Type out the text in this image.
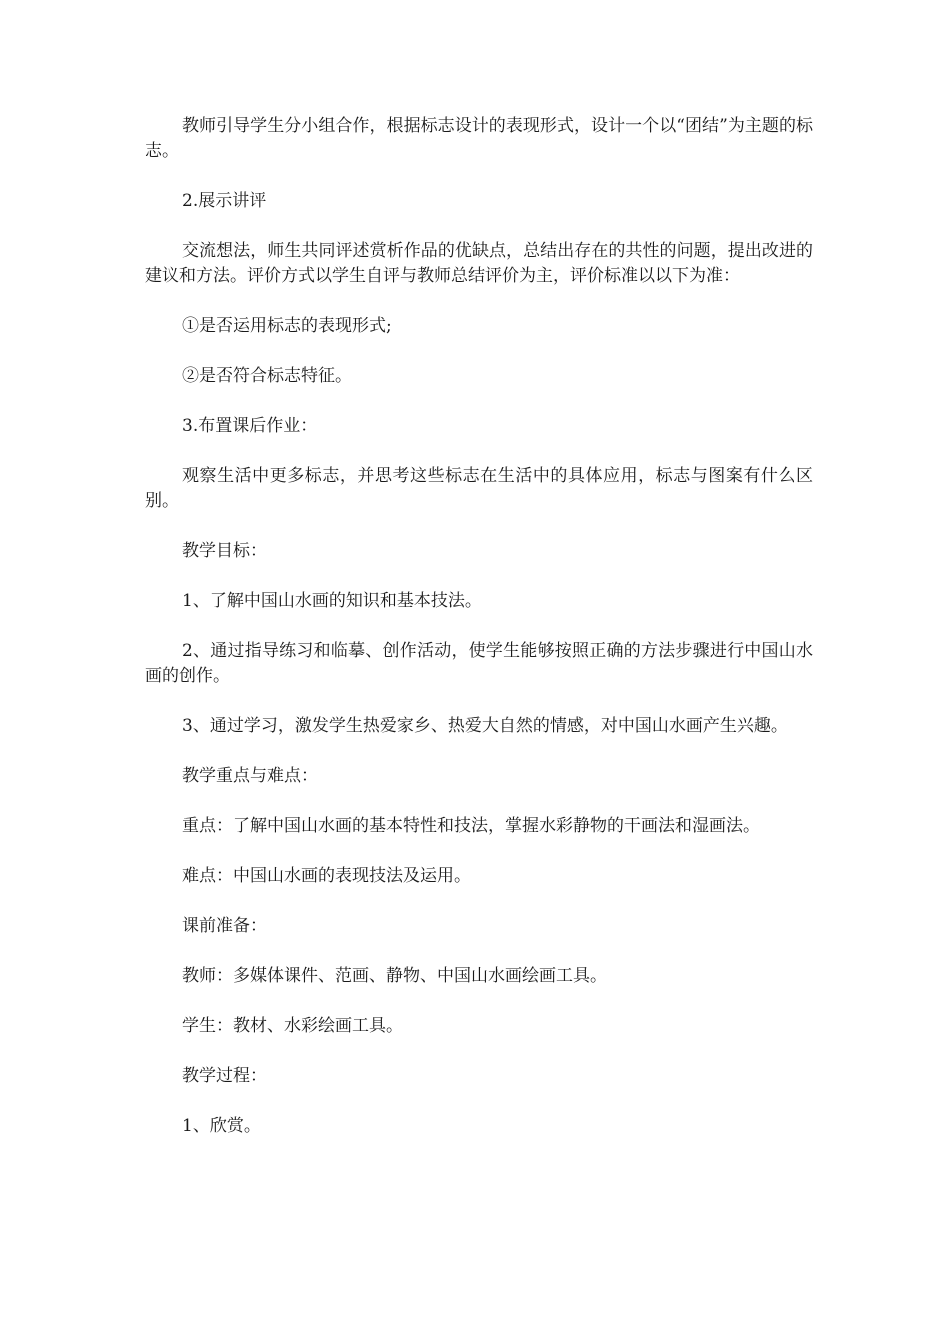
教师引导学生分小组合作，根据标志设计的表现形式，设计一个以“团结”为主题的标志。

2.展示讲评

交流想法，师生共同评述赏析作品的优缺点，总结出存在的共性的问题，提出改进的建议和方法。评价方式以学生自评与教师总结评价为主，评价标准以以下为准：

①是否运用标志的表现形式;

②是否符合标志特征。

3.布置课后作业：

观察生活中更多标志，并思考这些标志在生活中的具体应用，标志与图案有什么区别。

教学目标：

1、了解中国山水画的知识和基本技法。

2、通过指导练习和临摹、创作活动，使学生能够按照正确的方法步骤进行中国山水画的创作。

3、通过学习，激发学生热爱家乡、热爱大自然的情感，对中国山水画产生兴趣。

教学重点与难点：

重点：了解中国山水画的基本特性和技法，掌握水彩静物的干画法和湿画法。

难点：中国山水画的表现技法及运用。

课前准备：

教师：多媒体课件、范画、静物、中国山水画绘画工具。

学生：教材、水彩绘画工具。

教学过程：

1、欣赏。
